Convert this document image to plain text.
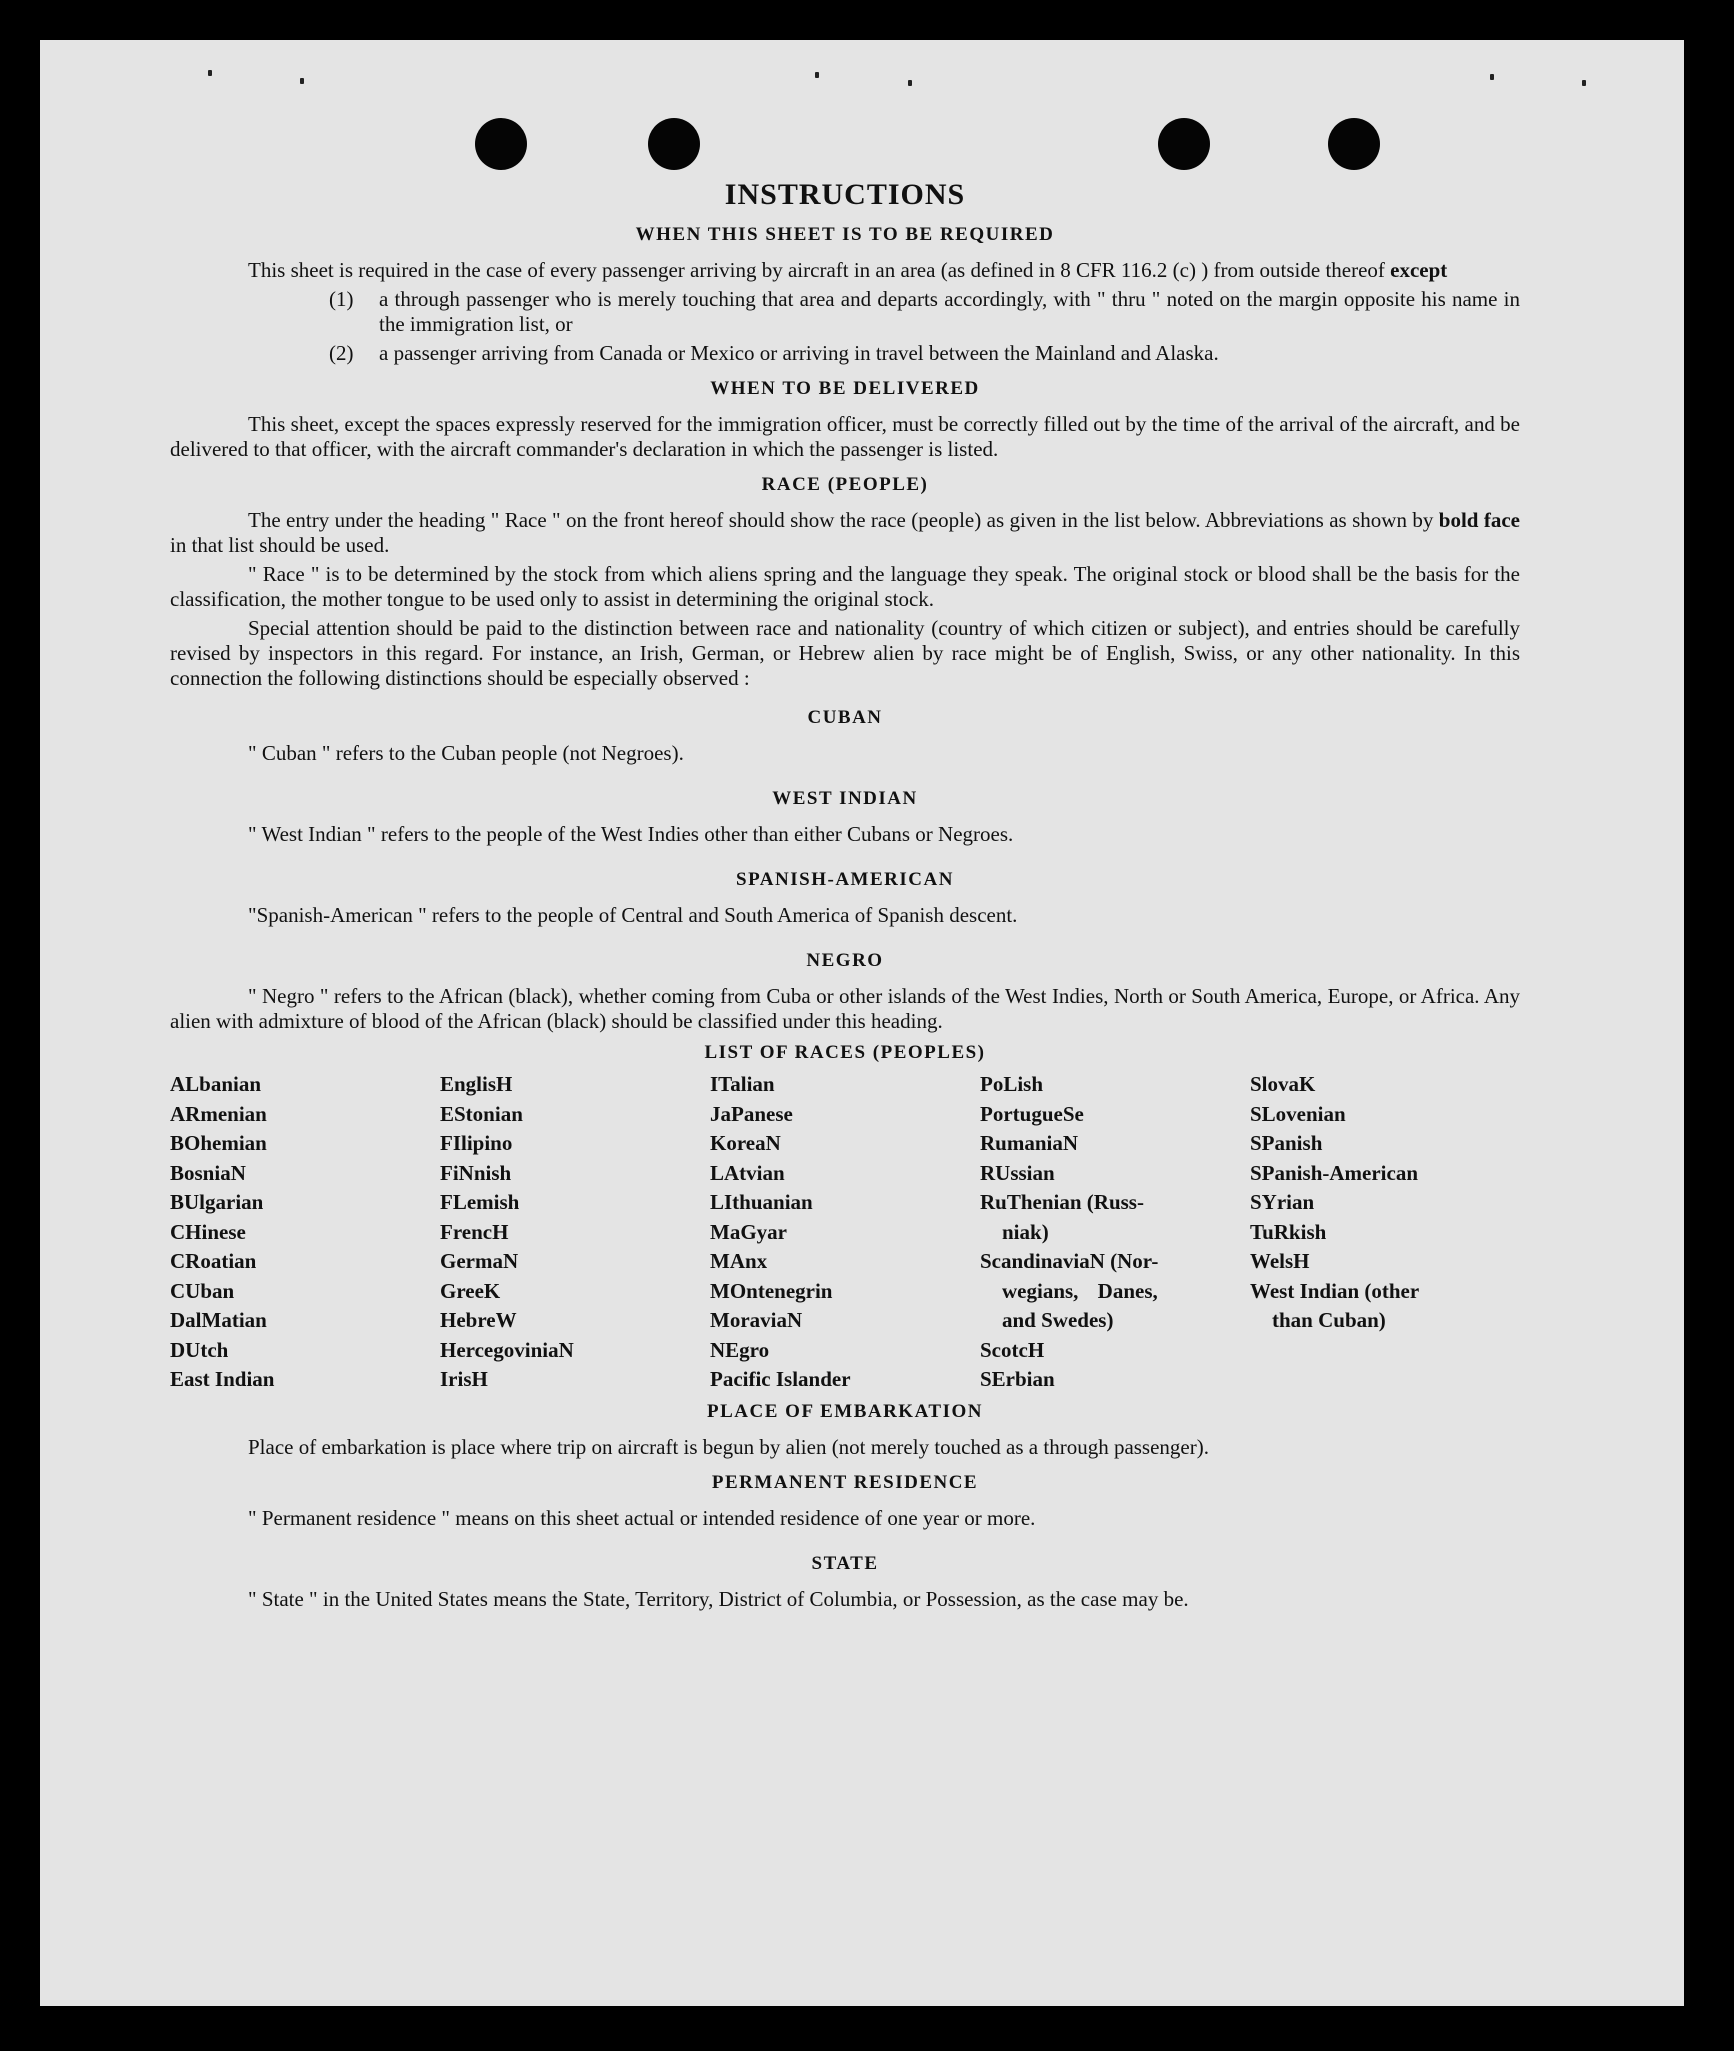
INSTRUCTIONS
WHEN THIS SHEET IS TO BE REQUIRED

This sheet is required in the case of every passenger arriving by aircraft in an area (as defined in 8 CFR 116.2 (c) ) from outside thereof except

(1)	a through passenger who is merely touching that area and departs accordingly, with " thru " noted on the margin opposite his name in the immigration list, or
(2)	a passenger arriving from Canada or Mexico or arriving in travel between the Mainland and Alaska.
WHEN TO BE DELIVERED

This sheet, except the spaces expressly reserved for the immigration officer, must be correctly filled out by the time of the arrival of the aircraft, and be delivered to that officer, with the aircraft commander's declaration in which the passenger is listed.

RACE (PEOPLE)

The entry under the heading " Race " on the front hereof should show the race (people) as given in the list below. Abbreviations as shown by bold face in that list should be used.

" Race " is to be determined by the stock from which aliens spring and the language they speak. The original stock or blood shall be the basis for the classification, the mother tongue to be used only to assist in determining the original stock.

Special attention should be paid to the distinction between race and nationality (country of which citizen or subject), and entries should be carefully revised by inspectors in this regard. For instance, an Irish, German, or Hebrew alien by race might be of English, Swiss, or any other nationality. In this connection the following distinctions should be especially observed :

CUBAN

" Cuban " refers to the Cuban people (not Negroes).

WEST INDIAN

" West Indian " refers to the people of the West Indies other than either Cubans or Negroes.

SPANISH-AMERICAN

"Spanish-American " refers to the people of Central and South America of Spanish descent.

NEGRO

" Negro " refers to the African (black), whether coming from Cuba or other islands of the West Indies, North or South America, Europe, or Africa. Any alien with admixture of blood of the African (black) should be classified under this heading.

LIST OF RACES (PEOPLES)
ALbanian
ARmenian
BOhemian
BosniaN
BUlgarian
CHinese
CRoatian
CUban
DalMatian
DUtch
East Indian
EnglisH
EStonian
FIlipino
FiNnish
FLemish
FrencH
GermaN
GreeK
HebreW
HercegoviniaN
IrisH
ITalian
JaPanese
KoreaN
LAtvian
LIthuanian
MaGyar
MAnx
MOntenegrin
MoraviaN
NEgro
Pacific Islander
PoLish
PortugueSe
RumaniaN
RUssian
RuThenian (Russ-
niak)
ScandinaviaN (Nor-
wegians, Danes,
and Swedes)
ScotcH
SErbian
SlovaK
SLovenian
SPanish
SPanish-American
SYrian
TuRkish
WelsH
West Indian (other
than Cuban)
PLACE OF EMBARKATION

Place of embarkation is place where trip on aircraft is begun by alien (not merely touched as a through passenger).

PERMANENT RESIDENCE

" Permanent residence " means on this sheet actual or intended residence of one year or more.

STATE

" State " in the United States means the State, Territory, District of Columbia, or Possession, as the case may be.
